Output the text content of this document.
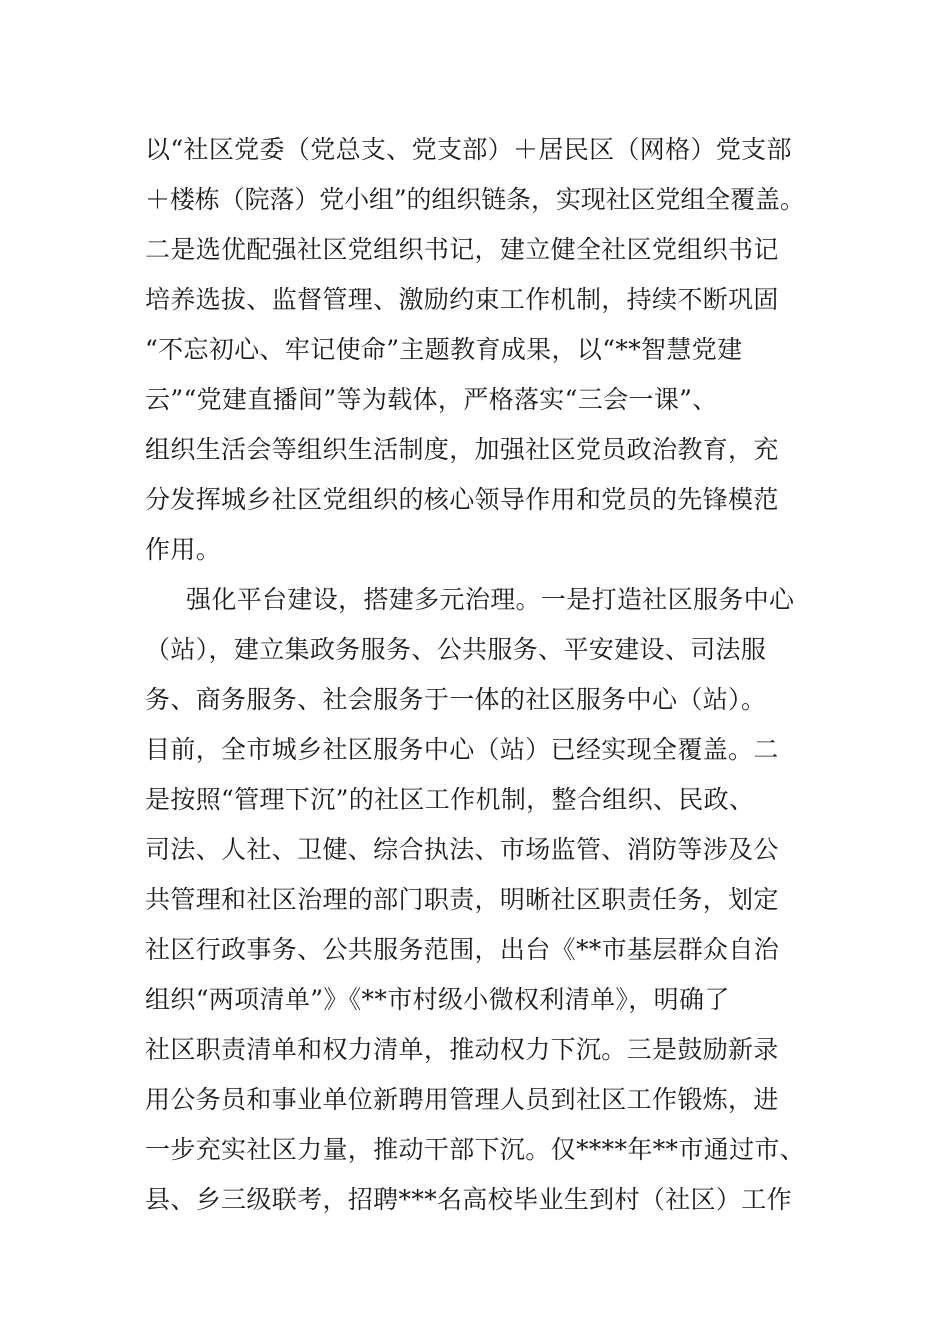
以“社区党委（党总支、党支部）＋居民区（网格）党支部
＋楼栋（院落）党小组”的组织链条，实现社区党组全覆盖。
二是选优配强社区党组织书记，建立健全社区党组织书记
培养选拔、监督管理、激励约束工作机制，持续不断巩固
“不忘初心、牢记使命”主题教育成果，以“**智慧党建
云”“党建直播间”等为载体，严格落实“三会一课”、
组织生活会等组织生活制度，加强社区党员政治教育，充
分发挥城乡社区党组织的核心领导作用和党员的先锋模范
作用。
强化平台建设，搭建多元治理。一是打造社区服务中心
（站），建立集政务服务、公共服务、平安建设、司法服
务、商务服务、社会服务于一体的社区服务中心（站）。
目前，全市城乡社区服务中心（站）已经实现全覆盖。二
是按照“管理下沉”的社区工作机制，整合组织、民政、
司法、人社、卫健、综合执法、市场监管、消防等涉及公
共管理和社区治理的部门职责，明晰社区职责任务，划定
社区行政事务、公共服务范围，出台《**市基层群众自治
组织“两项清单”》《**市村级小微权利清单》，明确了
社区职责清单和权力清单，推动权力下沉。三是鼓励新录
用公务员和事业单位新聘用管理人员到社区工作锻炼，进
一步充实社区力量，推动干部下沉。仅****年**市通过市、
县、乡三级联考，招聘***名高校毕业生到村（社区）工作
